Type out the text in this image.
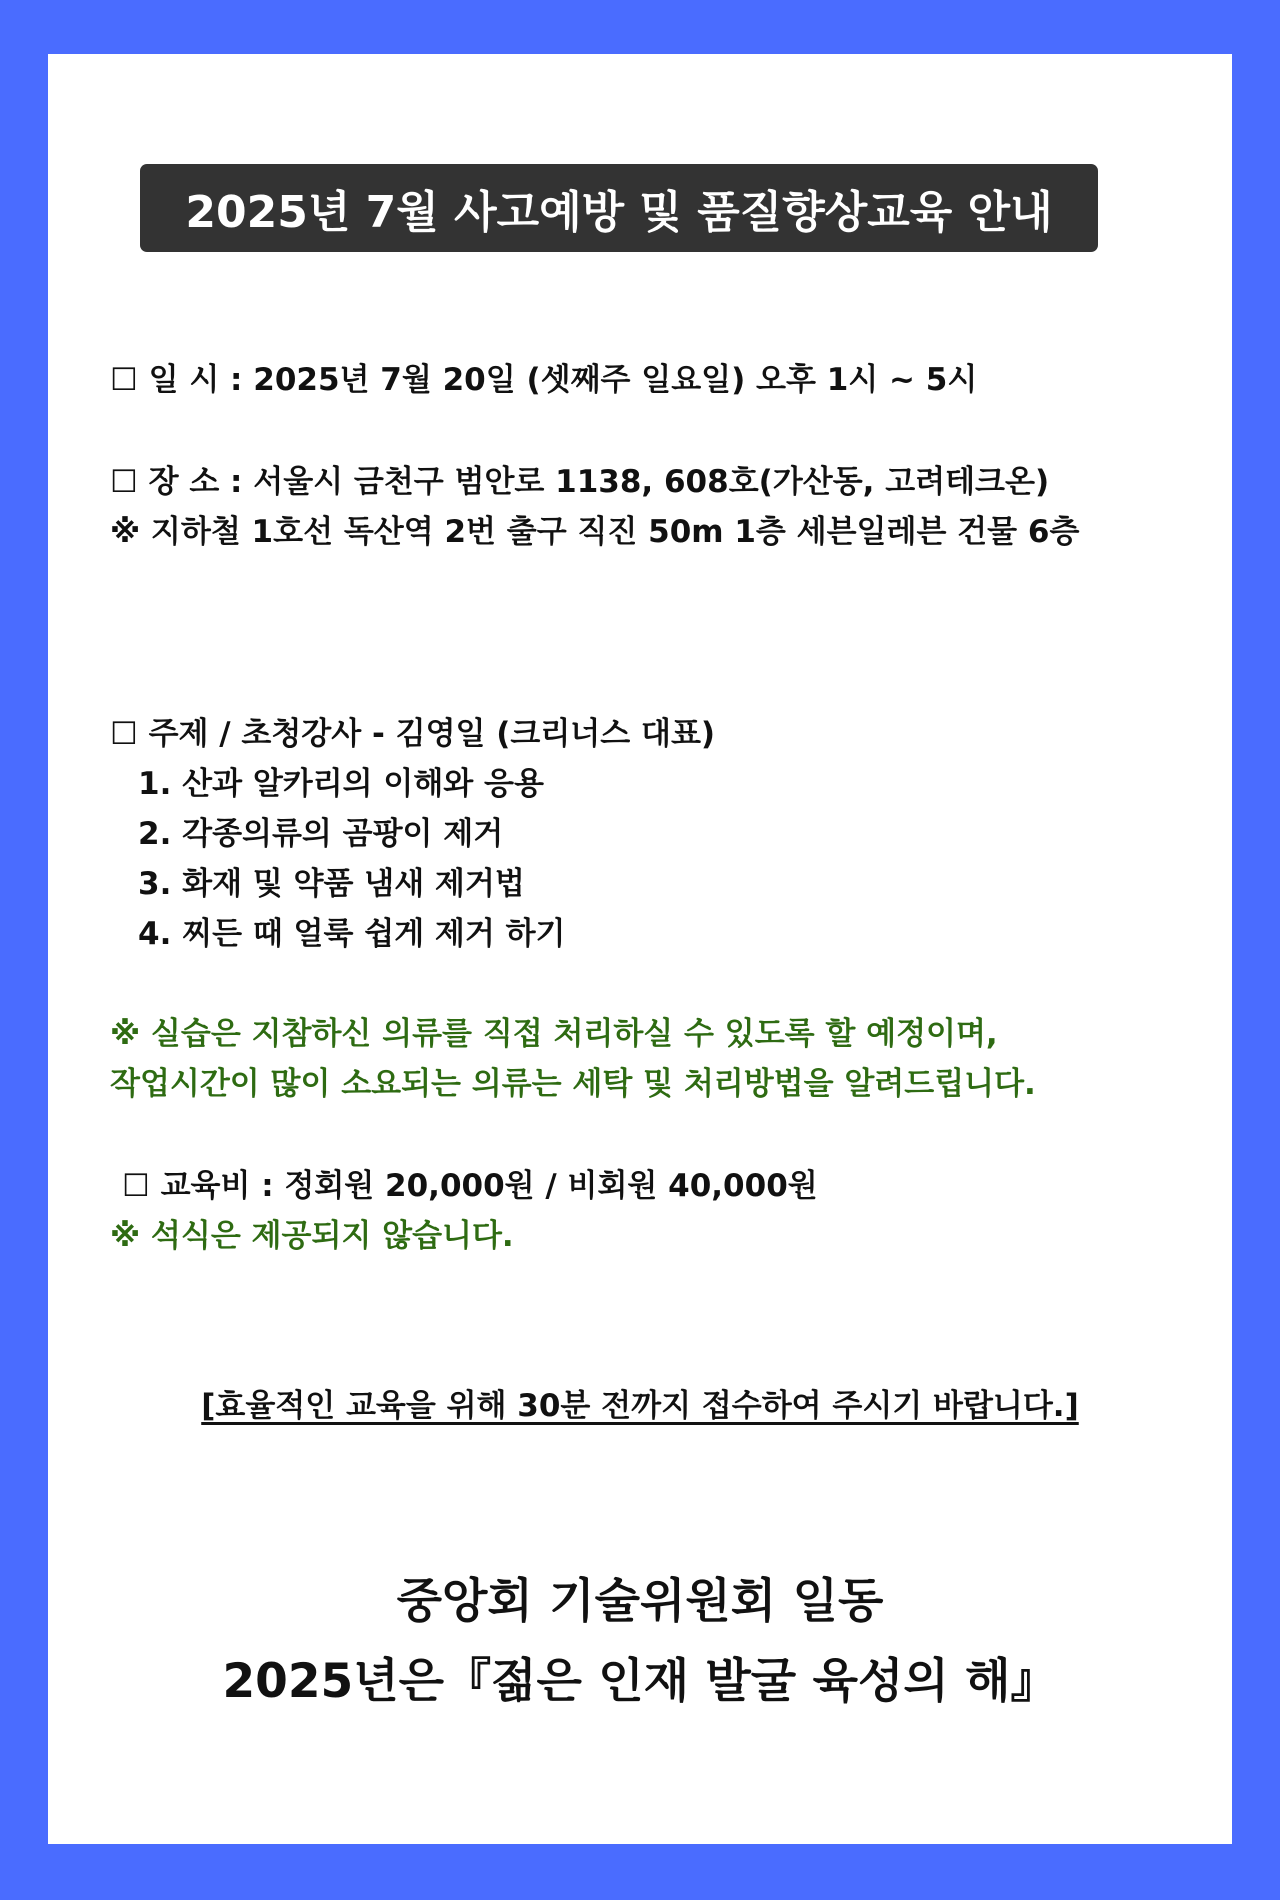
2025년 7월 사고예방 및 품질향상교육 안내
☐ 일 시 : 2025년 7월 20일 (셋째주 일요일) 오후 1시 ~ 5시
☐ 장 소 : 서울시 금천구 범안로 1138, 608호(가산동, 고려테크온)
※ 지하철 1호선 독산역 2번 출구 직진 50m 1층 세븐일레븐 건물 6층
☐ 주제 / 초청강사 - 김영일 (크리너스 대표)
1. 산과 알카리의 이해와 응용
2. 각종의류의 곰팡이 제거
3. 화재 및 약품 냄새 제거법
4. 찌든 때 얼룩 쉽게 제거 하기
※ 실습은 지참하신 의류를 직접 처리하실 수 있도록 할 예정이며,
작업시간이 많이 소요되는 의류는 세탁 및 처리방법을 알려드립니다.
☐ 교육비 : 정회원 20,000원 / 비회원 40,000원
※ 석식은 제공되지 않습니다.
[효율적인 교육을 위해 30분 전까지 접수하여 주시기 바랍니다.]
중앙회 기술위원회 일동
2025년은『젊은 인재 발굴 육성의 해』
